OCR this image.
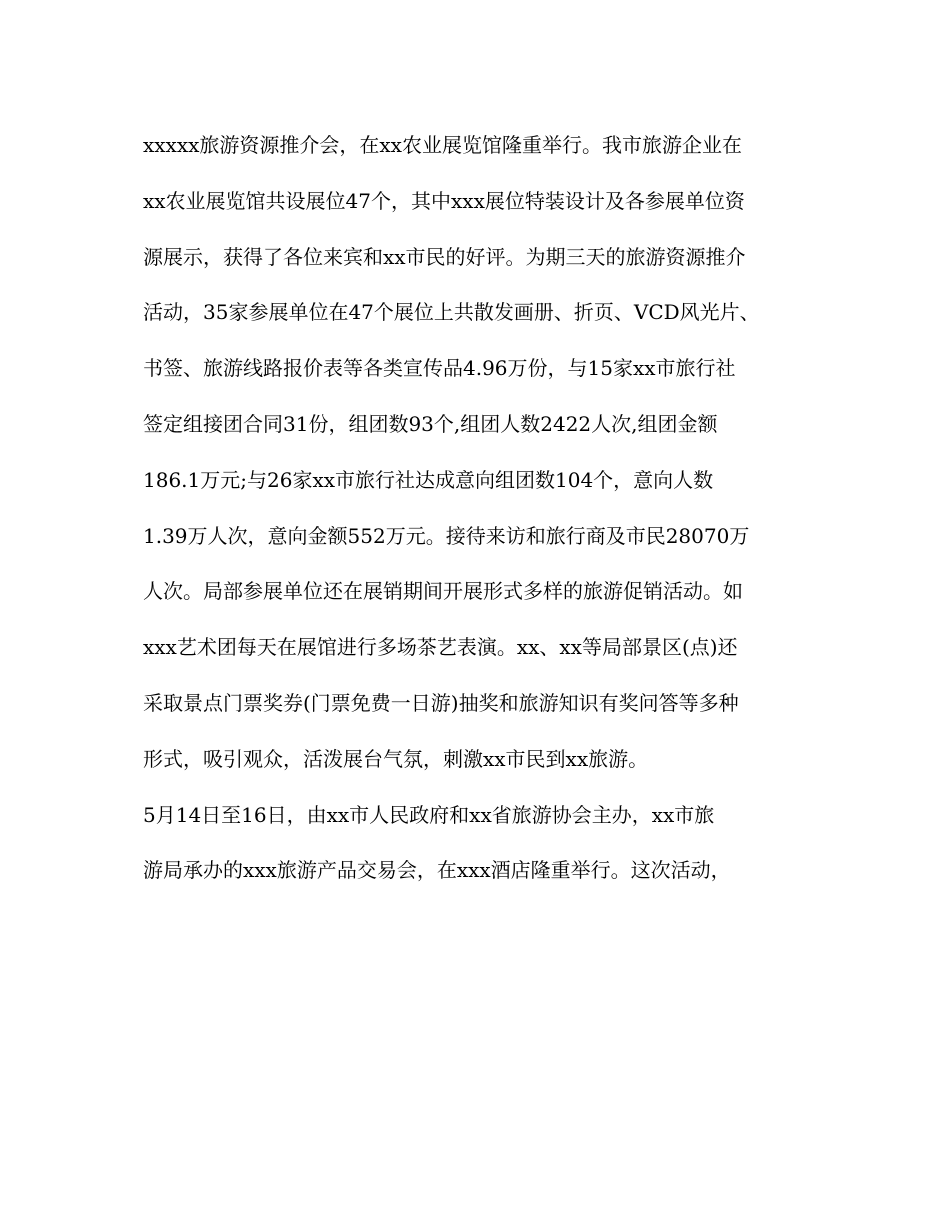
xxxxx旅游资源推介会，在xx农业展览馆隆重举行。我市旅游企业在
xx农业展览馆共设展位47个，其中xxx展位特装设计及各参展单位资
源展示，获得了各位来宾和xx市民的好评。为期三天的旅游资源推介
活动，35家参展单位在47个展位上共散发画册、折页、VCD风光片、
书签、旅游线路报价表等各类宣传品4.96万份，与15家xx市旅行社
签定组接团合同31份，组团数93个,组团人数2422人次,组团金额
186.1万元;与26家xx市旅行社达成意向组团数104个，意向人数
1.39万人次，意向金额552万元。接待来访和旅行商及市民28070万
人次。局部参展单位还在展销期间开展形式多样的旅游促销活动。如
xxx艺术团每天在展馆进行多场茶艺表演。xx、xx等局部景区(点)还
采取景点门票奖券(门票免费一日游)抽奖和旅游知识有奖问答等多种
形式，吸引观众，活泼展台气氛，刺激xx市民到xx旅游。
5月14日至16日，由xx市人民政府和xx省旅游协会主办，xx市旅
游局承办的xxx旅游产品交易会，在xxx酒店隆重举行。这次活动，
